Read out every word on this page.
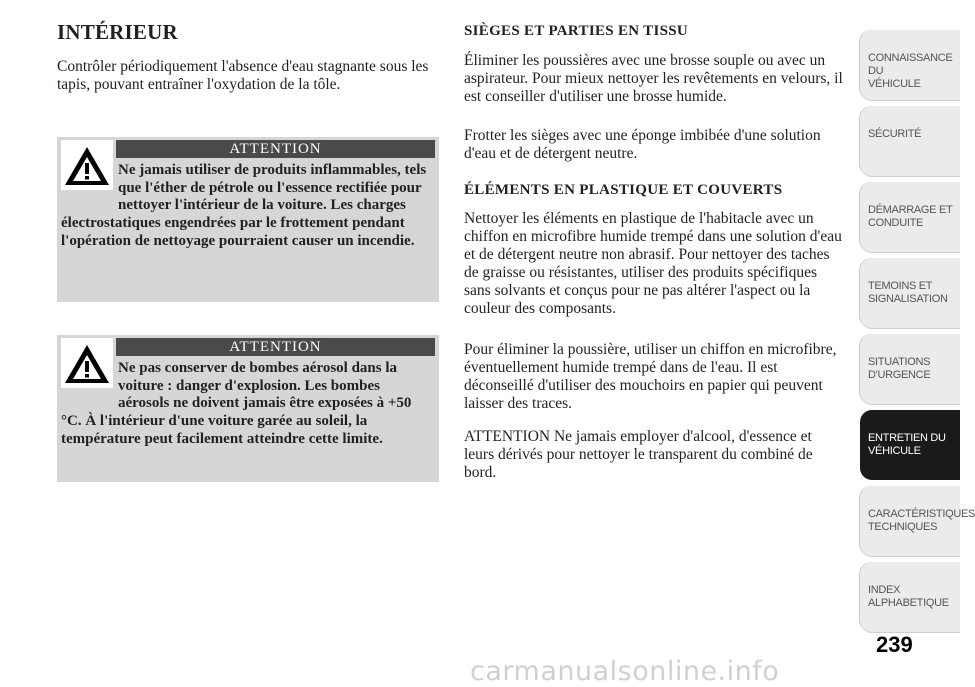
INTÉRIEUR
Contrôler périodiquement l'absence d'eau stagnante sous les tapis, pouvant entraîner l'oxydation de la tôle.
ATTENTION
Ne jamais utiliser de produits inflammables, tels que l'éther de pétrole ou l'essence rectifiée pour nettoyer l'intérieur de la voiture. Les charges électrostatiques engendrées par le frottement pendant l'opération de nettoyage pourraient causer un incendie.
ATTENTION
Ne pas conserver de bombes aérosol dans la voiture : danger d'explosion. Les bombes aérosols ne doivent jamais être exposées à +50 °C. À l'intérieur d'une voiture garée au soleil, la température peut facilement atteindre cette limite.
SIÈGES ET PARTIES EN TISSU
Éliminer les poussières avec une brosse souple ou avec un aspirateur. Pour mieux nettoyer les revêtements en velours, il est conseiller d'utiliser une brosse humide.
Frotter les sièges avec une éponge imbibée d'une solution d'eau et de détergent neutre.
ÉLÉMENTS EN PLASTIQUE ET COUVERTS
Nettoyer les éléments en plastique de l'habitacle avec un chiffon en microfibre humide trempé dans une solution d'eau et de détergent neutre non abrasif. Pour nettoyer des taches de graisse ou résistantes, utiliser des produits spécifiques sans solvants et conçus pour ne pas altérer l'aspect ou la couleur des composants.
Pour éliminer la poussière, utiliser un chiffon en microfibre, éventuellement humide trempé dans de l'eau. Il est déconseillé d'utiliser des mouchoirs en papier qui peuvent laisser des traces.
ATTENTION Ne jamais employer d'alcool, d'essence et leurs dérivés pour nettoyer le transparent du combiné de bord.
CONNAISSANCE DU
VÉHICULE
SÉCURITÉ
DÉMARRAGE ET
CONDUITE
TEMOINS ET
SIGNALISATION
SITUATIONS
D'URGENCE
ENTRETIEN DU
VÉHICULE
CARACTÉRISTIQUES
TECHNIQUES
INDEX
ALPHABETIQUE
239
carmanualsonline.info
